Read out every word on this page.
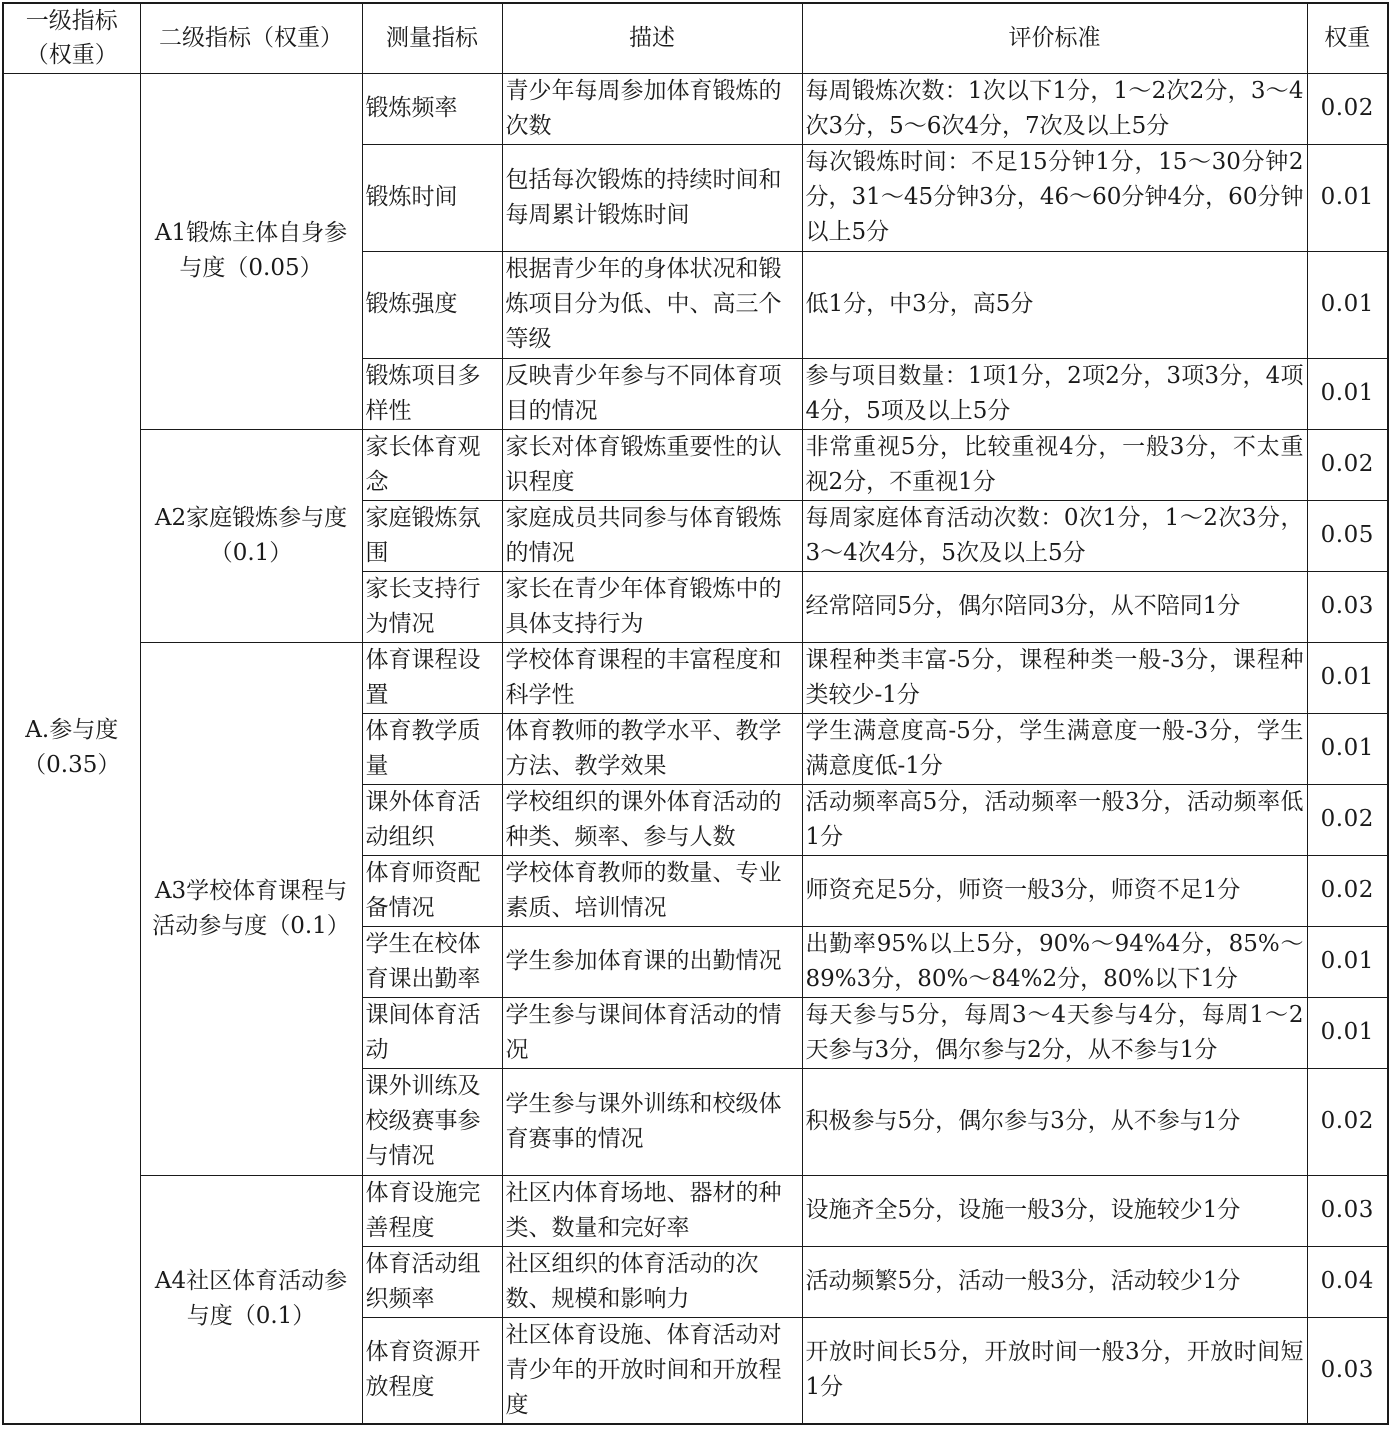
一级指标（权重）	二级指标（权重）	测量指标	描述	评价标准	权重
A.参与度（0.35）	A1锻炼主体自身参与度（0.05）	锻炼频率	青少年每周参加体育锻炼的次数	每周锻炼次数：1次以下1分，1～2次2分，3～4次3分，5～6次4分，7次及以上5分	0.02
		锻炼时间	包括每次锻炼的持续时间和每周累计锻炼时间	每次锻炼时间：不足15分钟1分，15～30分钟2分，31～45分钟3分，46～60分钟4分，60分钟以上5分	0.01
		锻炼强度	根据青少年的身体状况和锻炼项目分为低、中、高三个等级	低1分，中3分，高5分	0.01
		锻炼项目多样性	反映青少年参与不同体育项目的情况	参与项目数量：1项1分，2项2分，3项3分，4项4分，5项及以上5分	0.01
	A2家庭锻炼参与度（0.1）	家长体育观念	家长对体育锻炼重要性的认识程度	非常重视5分，比较重视4分，一般3分，不太重视2分，不重视1分	0.02
		家庭锻炼氛围	家庭成员共同参与体育锻炼的情况	每周家庭体育活动次数：0次1分，1～2次3分，3～4次4分，5次及以上5分	0.05
		家长支持行为情况	家长在青少年体育锻炼中的具体支持行为	经常陪同5分，偶尔陪同3分，从不陪同1分	0.03
	A3学校体育课程与活动参与度（0.1）	体育课程设置	学校体育课程的丰富程度和科学性	课程种类丰富-5分，课程种类一般-3分，课程种类较少-1分	0.01
		体育教学质量	体育教师的教学水平、教学方法、教学效果	学生满意度高-5分，学生满意度一般-3分，学生满意度低-1分	0.01
		课外体育活动组织	学校组织的课外体育活动的种类、频率、参与人数	活动频率高5分，活动频率一般3分，活动频率低1分	0.02
		体育师资配备情况	学校体育教师的数量、专业素质、培训情况	师资充足5分，师资一般3分，师资不足1分	0.02
		学生在校体育课出勤率	学生参加体育课的出勤情况	出勤率95%以上5分，90%～94%4分，85%～89%3分，80%～84%2分，80%以下1分	0.01
		课间体育活动	学生参与课间体育活动的情况	每天参与5分，每周3～4天参与4分，每周1～2天参与3分，偶尔参与2分，从不参与1分	0.01
		课外训练及校级赛事参与情况	学生参与课外训练和校级体育赛事的情况	积极参与5分，偶尔参与3分，从不参与1分	0.02
	A4社区体育活动参与度（0.1）	体育设施完善程度	社区内体育场地、器材的种类、数量和完好率	设施齐全5分，设施一般3分，设施较少1分	0.03
		体育活动组织频率	社区组织的体育活动的次数、规模和影响力	活动频繁5分，活动一般3分，活动较少1分	0.04
		体育资源开放程度	社区体育设施、体育活动对青少年的开放时间和开放程度	开放时间长5分，开放时间一般3分，开放时间短1分	0.03
